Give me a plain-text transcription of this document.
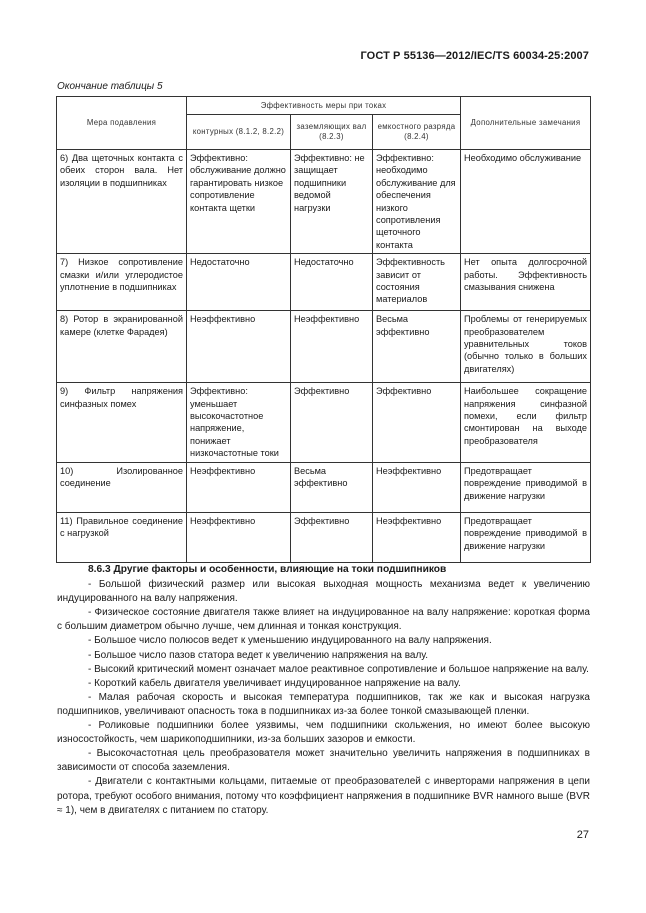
ГОСТ Р 55136—2012/IEC/TS 60034-25:2007
Окончание таблицы 5
Мера подавления	Эффективность меры при токах			Дополнительные замечания
	контурных (8.1.2, 8.2.2)	заземляющих вал (8.2.3)	емкостного разряда (8.2.4)	
6) Два щеточных контакта с обеих сторон вала. Нет изоляции в подшипниках	Эффективно: обслуживание должно гарантировать низкое сопротивление контакта щетки	Эффективно: не защищает подшипники ведомой нагрузки	Эффективно: необходимо обслуживание для обеспечения низкого сопротивления щеточного контакта	Необходимо обслуживание
7) Низкое сопротивление смазки и/или углеродистое уплотнение в подшипниках	Недостаточно	Недостаточно	Эффективность зависит от состояния материалов	Нет опыта долгосрочной работы. Эффективность смазывания снижена
8) Ротор в экранированной камере (клетке Фарадея)	Неэффективно	Неэффективно	Весьма эффективно	Проблемы от генерируемых преобразователем уравнительных токов (обычно только в больших двигателях)
9) Фильтр напряжения синфазных помех	Эффективно: уменьшает высокочастотное напряжение, понижает низкочастотные токи	Эффективно	Эффективно	Наибольшее сокращение напряжения синфазной помехи, если фильтр смонтирован на выходе преобразователя
10) Изолированное соединение	Неэффективно	Весьма эффективно	Неэффективно	Предотвращает повреждение приводимой в движение нагрузки
11) Правильное соединение с нагрузкой	Неэффективно	Эффективно	Неэффективно	Предотвращает повреждение приводимой в движение нагрузки
8.6.3 Другие факторы и особенности, влияющие на токи подшипников

- Большой физический размер или высокая выходная мощность механизма ведет к увеличению индуцированного на валу напряжения.

- Физическое состояние двигателя также влияет на индуцированное на валу напряжение: короткая форма с большим диаметром обычно лучше, чем длинная и тонкая конструкция.

- Большое число полюсов ведет к уменьшению индуцированного на валу напряжения.

- Большое число пазов статора ведет к увеличению напряжения на валу.

- Высокий критический момент означает малое реактивное сопротивление и большое напряжение на валу.

- Короткий кабель двигателя увеличивает индуцированное напряжение на валу.

- Малая рабочая скорость и высокая температура подшипников, так же как и высокая нагрузка подшипников, увеличивают опасность тока в подшипниках из-за более тонкой смазывающей пленки.

- Роликовые подшипники более уязвимы, чем подшипники скольжения, но имеют более высокую износостойкость, чем шарикоподшипники, из-за больших зазоров и емкости.

- Высокочастотная цель преобразователя может значительно увеличить напряжения в подшипниках в зависимости от способа заземления.

- Двигатели с контактными кольцами, питаемые от преобразователей с инверторами напряжения в цепи ротора, требуют особого внимания, потому что коэффициент напряжения в подшипнике BVR намного выше (BVR ≈ 1), чем в двигателях с питанием по статору.

27
